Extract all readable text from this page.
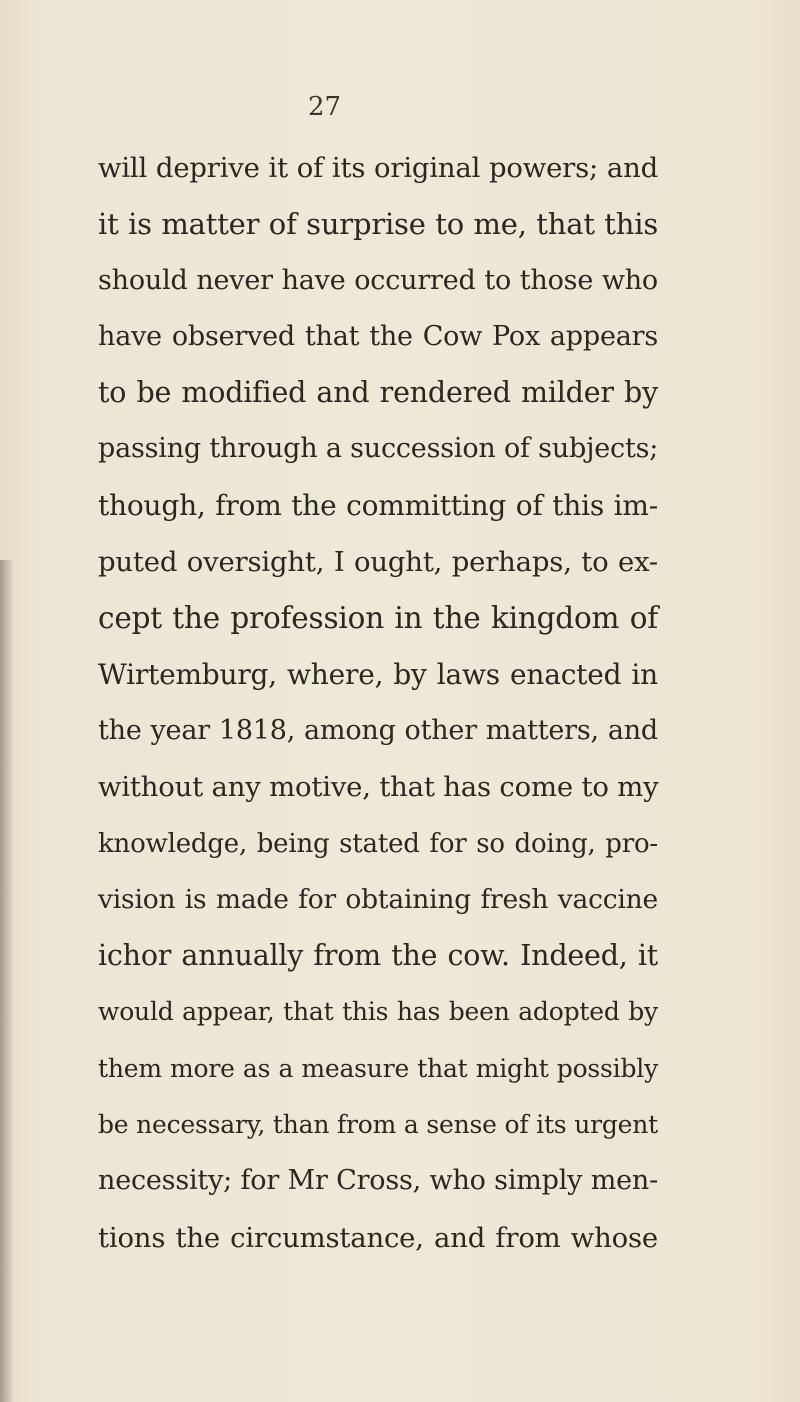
27
will deprive it of its original powers; and
it is matter of surprise to me, that this
should never have occurred to those who
have observed that the Cow Pox appears
to be modified and rendered milder by
passing through a succession of subjects;
though, from the committing of this im-
puted oversight, I ought, perhaps, to ex-
cept the profession in the kingdom of
Wirtemburg, where, by laws enacted in
the year 1818, among other matters, and
without any motive, that has come to my
knowledge, being stated for so doing, pro-
vision is made for obtaining fresh vaccine
ichor annually from the cow. Indeed, it
would appear, that this has been adopted by
them more as a measure that might possibly
be necessary, than from a sense of its urgent
necessity; for Mr Cross, who simply men-
tions the circumstance, and from whose
